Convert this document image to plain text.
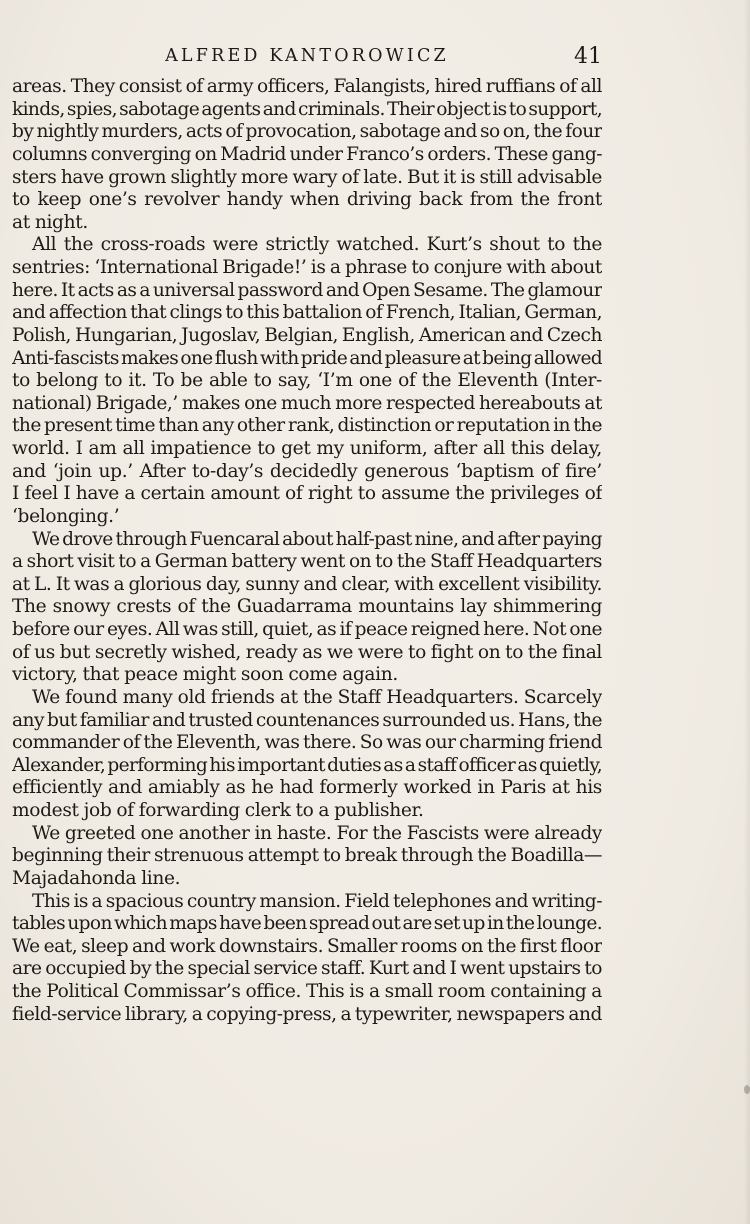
ALFRED KANTOROWICZ	41
areas. They consist of army officers, Falangists, hired ruffians of all
kinds, spies, sabotage agents and criminals. Their object is to support,
by nightly murders, acts of provocation, sabotage and so on, the four
columns converging on Madrid under Franco’s orders. These gang-
sters have grown slightly more wary of late. But it is still advisable
to keep one’s revolver handy when driving back from the front
at night.
All the cross-roads were strictly watched. Kurt’s shout to the
sentries: ‘International Brigade!’ is a phrase to conjure with about
here. It acts as a universal password and Open Sesame. The glamour
and affection that clings to this battalion of French, Italian, German,
Polish, Hungarian, Jugoslav, Belgian, English, American and Czech
Anti-fascists makes one flush with pride and pleasure at being allowed
to belong to it. To be able to say, ‘I’m one of the Eleventh (Inter-
national) Brigade,’ makes one much more respected hereabouts at
the present time than any other rank, distinction or reputation in the
world. I am all impatience to get my uniform, after all this delay,
and ‘join up.’ After to-day’s decidedly generous ‘baptism of fire’
I feel I have a certain amount of right to assume the privileges of
‘belonging.’
We drove through Fuencaral about half-past nine, and after paying
a short visit to a German battery went on to the Staff Headquarters
at L. It was a glorious day, sunny and clear, with excellent visibility.
The snowy crests of the Guadarrama mountains lay shimmering
before our eyes. All was still, quiet, as if peace reigned here. Not one
of us but secretly wished, ready as we were to fight on to the final
victory, that peace might soon come again.
We found many old friends at the Staff Headquarters. Scarcely
any but familiar and trusted countenances surrounded us. Hans, the
commander of the Eleventh, was there. So was our charming friend
Alexander, performing his important duties as a staff officer as quietly,
efficiently and amiably as he had formerly worked in Paris at his
modest job of forwarding clerk to a publisher.
We greeted one another in haste. For the Fascists were already
beginning their strenuous attempt to break through the Boadilla—
Majadahonda line.
This is a spacious country mansion. Field telephones and writing-
tables upon which maps have been spread out are set up in the lounge.
We eat, sleep and work downstairs. Smaller rooms on the first floor
are occupied by the special service staff. Kurt and I went upstairs to
the Political Commissar’s office. This is a small room containing a
field-service library, a copying-press, a typewriter, newspapers and
